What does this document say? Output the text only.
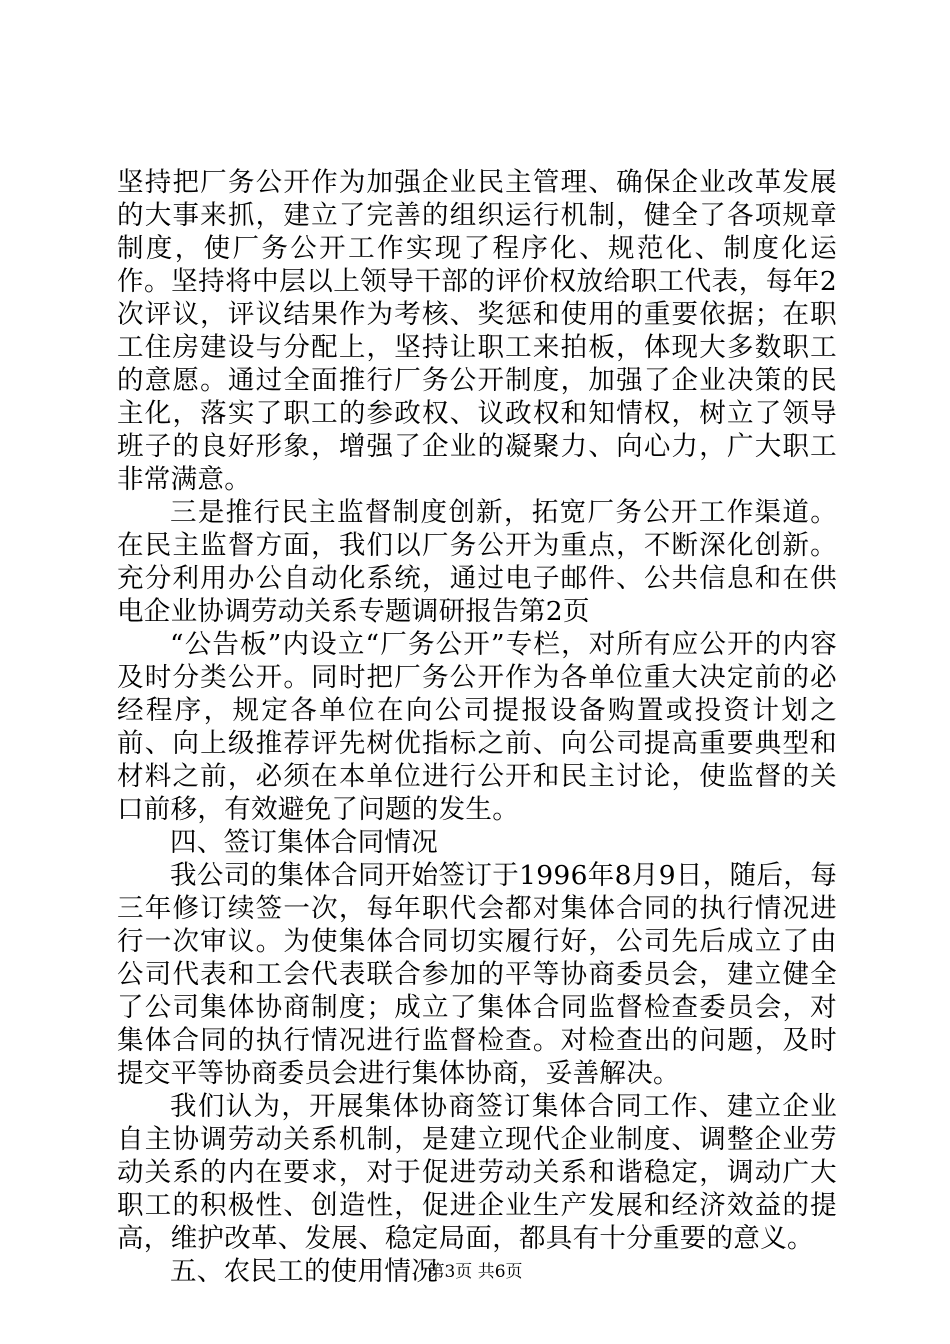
坚持把厂务公开作为加强企业民主管理、确保企业改革发展的大事来抓，建立了完善的组织运行机制，健全了各项规章制度，使厂务公开工作实现了程序化、规范化、制度化运作。坚持将中层以上领导干部的评价权放给职工代表，每年2次评议，评议结果作为考核、奖惩和使用的重要依据；在职工住房建设与分配上，坚持让职工来拍板，体现大多数职工的意愿。通过全面推行厂务公开制度，加强了企业决策的民主化，落实了职工的参政权、议政权和知情权，树立了领导班子的良好形象，增强了企业的凝聚力、向心力，广大职工非常满意。

三是推行民主监督制度创新，拓宽厂务公开工作渠道。在民主监督方面，我们以厂务公开为重点，不断深化创新。充分利用办公自动化系统，通过电子邮件、公共信息和在供电企业协调劳动关系专题调研报告第2页

“公告板”内设立“厂务公开”专栏，对所有应公开的内容及时分类公开。同时把厂务公开作为各单位重大决定前的必经程序，规定各单位在向公司提报设备购置或投资计划之前、向上级推荐评先树优指标之前、向公司提高重要典型和材料之前，必须在本单位进行公开和民主讨论，使监督的关口前移，有效避免了问题的发生。

四、签订集体合同情况

我公司的集体合同开始签订于1996年8月9日，随后，每三年修订续签一次，每年职代会都对集体合同的执行情况进行一次审议。为使集体合同切实履行好，公司先后成立了由公司代表和工会代表联合参加的平等协商委员会，建立健全了公司集体协商制度；成立了集体合同监督检查委员会，对集体合同的执行情况进行监督检查。对检查出的问题，及时提交平等协商委员会进行集体协商，妥善解决。

我们认为，开展集体协商签订集体合同工作、建立企业自主协调劳动关系机制，是建立现代企业制度、调整企业劳动关系的内在要求，对于促进劳动关系和谐稳定，调动广大职工的积极性、创造性，促进企业生产发展和经济效益的提高，维护改革、发展、稳定局面，都具有十分重要的意义。

五、农民工的使用情况

第3页 共6页
